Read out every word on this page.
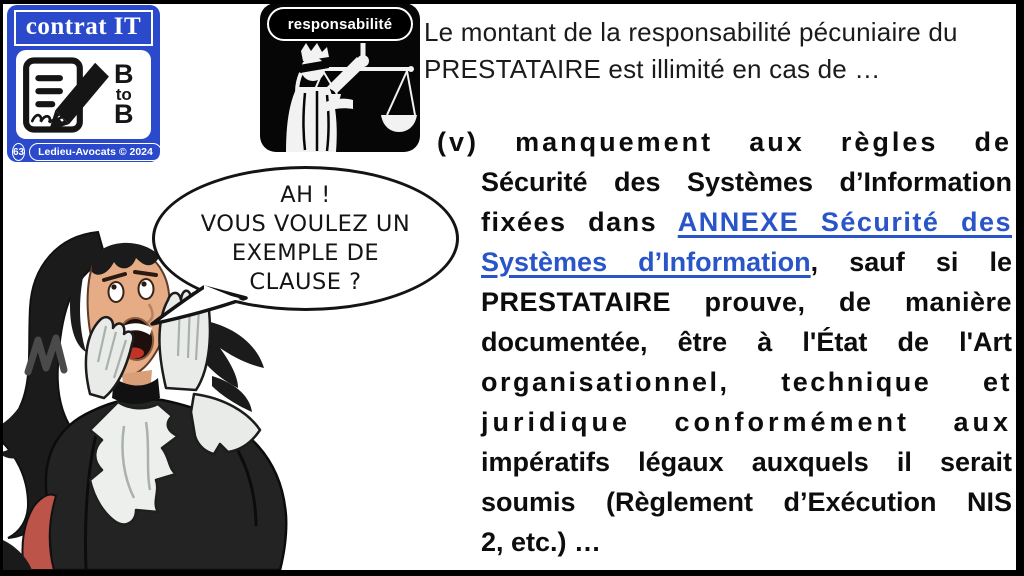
(v) manquement aux règles de
Sécurité des Systèmes d’Information
fixées dans ANNEXE Sécurité des
Systèmes d’Information, sauf si le
PRESTATAIRE prouve, de manière
documentée, être à l'État de l'Art
organisationnel, technique et
juridique conformément aux
impératifs légaux auxquels il serait
soumis (Règlement d’Exécution NIS
2, etc.) …
Le montant de la responsabilité pécuniaire du
PRESTATAIRE est illimité en cas de …
AH !
VOUS VOULEZ UN
EXEMPLE DE
CLAUSE ?
contrat IT
B
to
B
63	Ledieu-Avocats © 2024
responsabilité
